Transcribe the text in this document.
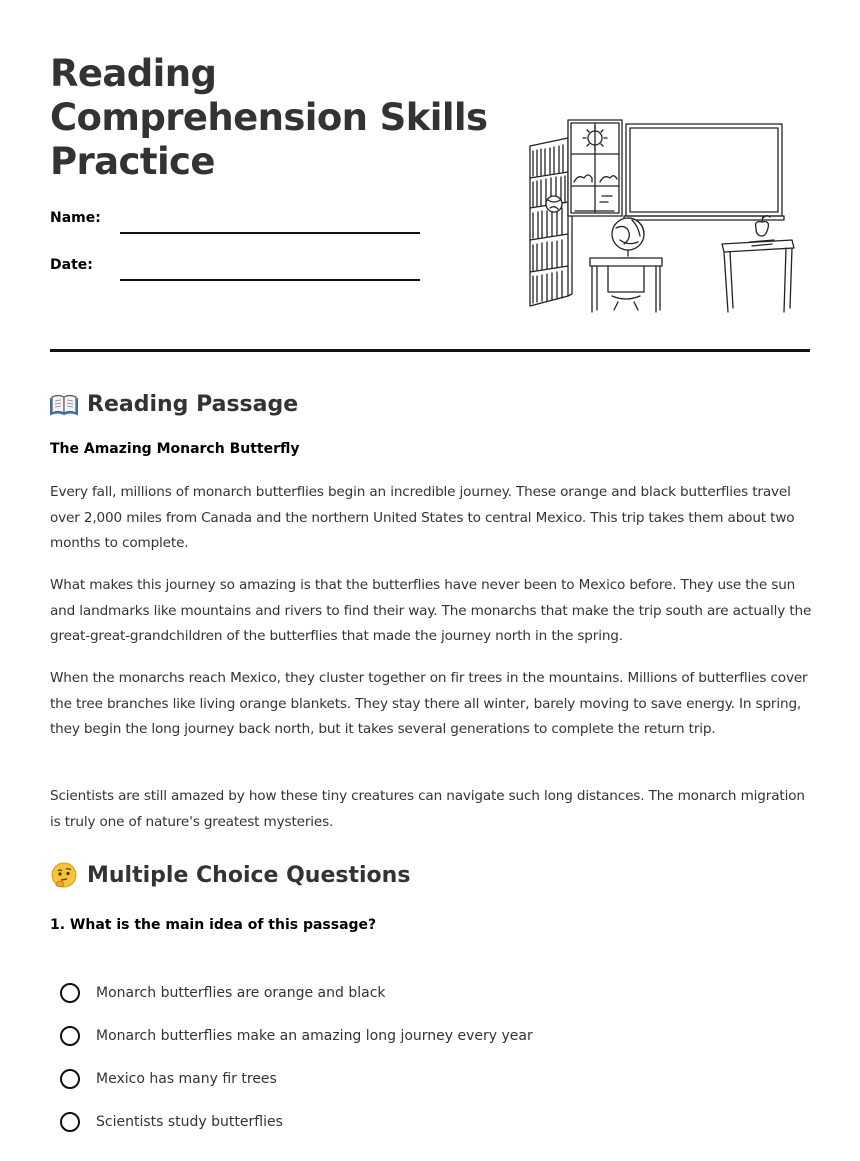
Reading Comprehension Skills Practice
Name:
Date:
Reading Passage
The Amazing Monarch Butterfly

Every fall, millions of monarch butterflies begin an incredible journey. These orange and black butterflies travel over 2,000 miles from Canada and the northern United States to central Mexico. This trip takes them about two months to complete.

What makes this journey so amazing is that the butterflies have never been to Mexico before. They use the sun and landmarks like mountains and rivers to find their way. The monarchs that make the trip south are actually the great-great-grandchildren of the butterflies that made the journey north in the spring.

When the monarchs reach Mexico, they cluster together on fir trees in the mountains. Millions of butterflies cover the tree branches like living orange blankets. They stay there all winter, barely moving to save energy. In spring, they begin the long journey back north, but it takes several generations to complete the return trip.

Scientists are still amazed by how these tiny creatures can navigate such long distances. The monarch migration is truly one of nature's greatest mysteries.

Multiple Choice Questions

1. What is the main idea of this passage?

Monarch butterflies are orange and black
Monarch butterflies make an amazing long journey every year
Mexico has many fir trees
Scientists study butterflies
